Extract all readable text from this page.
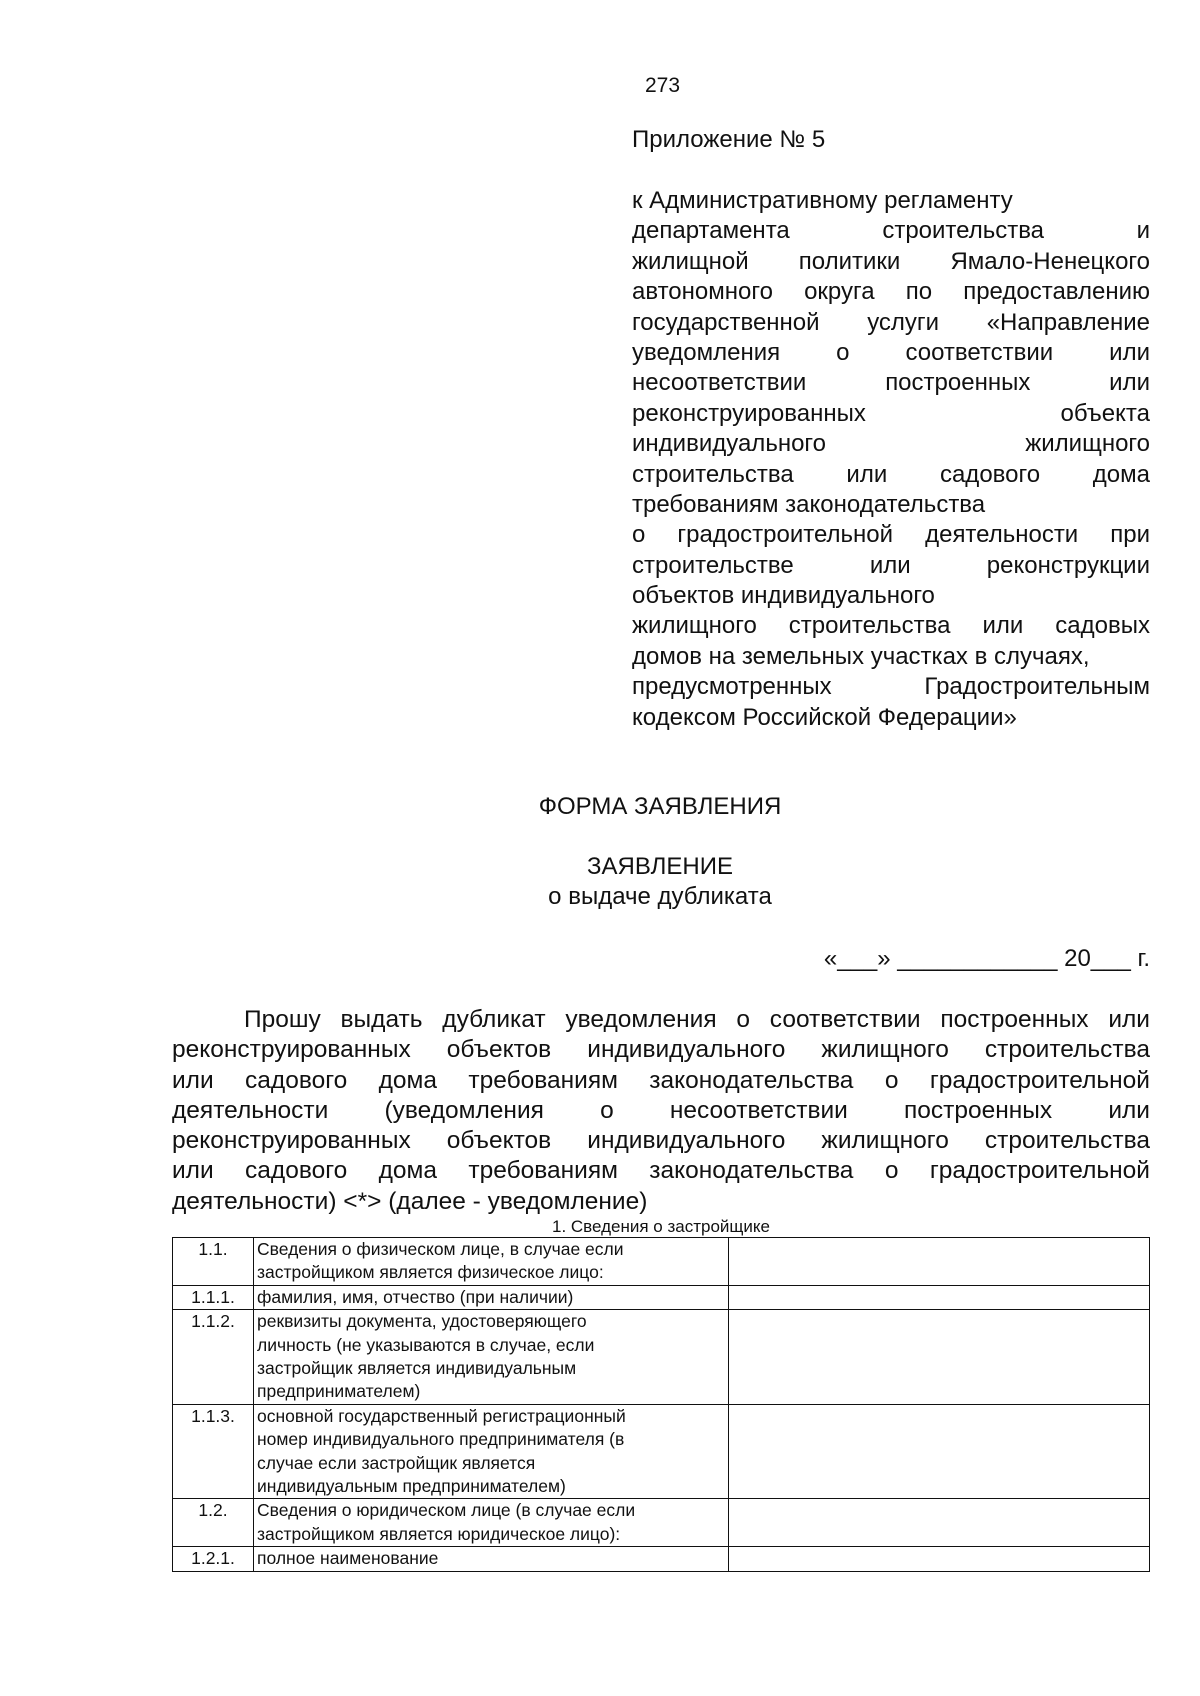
273
Приложение № 5
к Административному регламенту
департамента строительства и
жилищной политики Ямало-Ненецкого
автономного округа по предоставлению
государственной услуги «Направление
уведомления о соответствии или
несоответствии построенных или
реконструированных объекта
индивидуального жилищного
строительства или садового дома
требованиям законодательства
о градостроительной деятельности при
строительстве или реконструкции
объектов индивидуального
жилищного строительства или садовых
домов на земельных участках в случаях,
предусмотренных Градостроительным
кодексом Российской Федерации»
ФОРМА ЗАЯВЛЕНИЯ
ЗАЯВЛЕНИЕ
о выдаче дубликата
«___» ____________ 20___ г.
Прошу выдать дубликат уведомления о соответствии построенных или
реконструированных объектов индивидуального жилищного строительства
или садового дома требованиям законодательства о градостроительной
деятельности (уведомления о несоответствии построенных или
реконструированных объектов индивидуального жилищного строительства
или садового дома требованиям законодательства о градостроительной
деятельности) <*> (далее - уведомление)
1. Сведения о застройщике
1.1.	Сведения о физическом лице, в случае если
застройщиком является физическое лицо:	

1.1.1.	фамилия, имя, отчество (при наличии)	

1.1.2.	реквизиты документа, удостоверяющего
личность (не указываются в случае, если
застройщик является индивидуальным
предпринимателем)	

1.1.3.	основной государственный регистрационный
номер индивидуального предпринимателя (в
случае если застройщик является
индивидуальным предпринимателем)	

1.2.	Сведения о юридическом лице (в случае если
застройщиком является юридическое лицо):	

1.2.1.	полное наименование	
